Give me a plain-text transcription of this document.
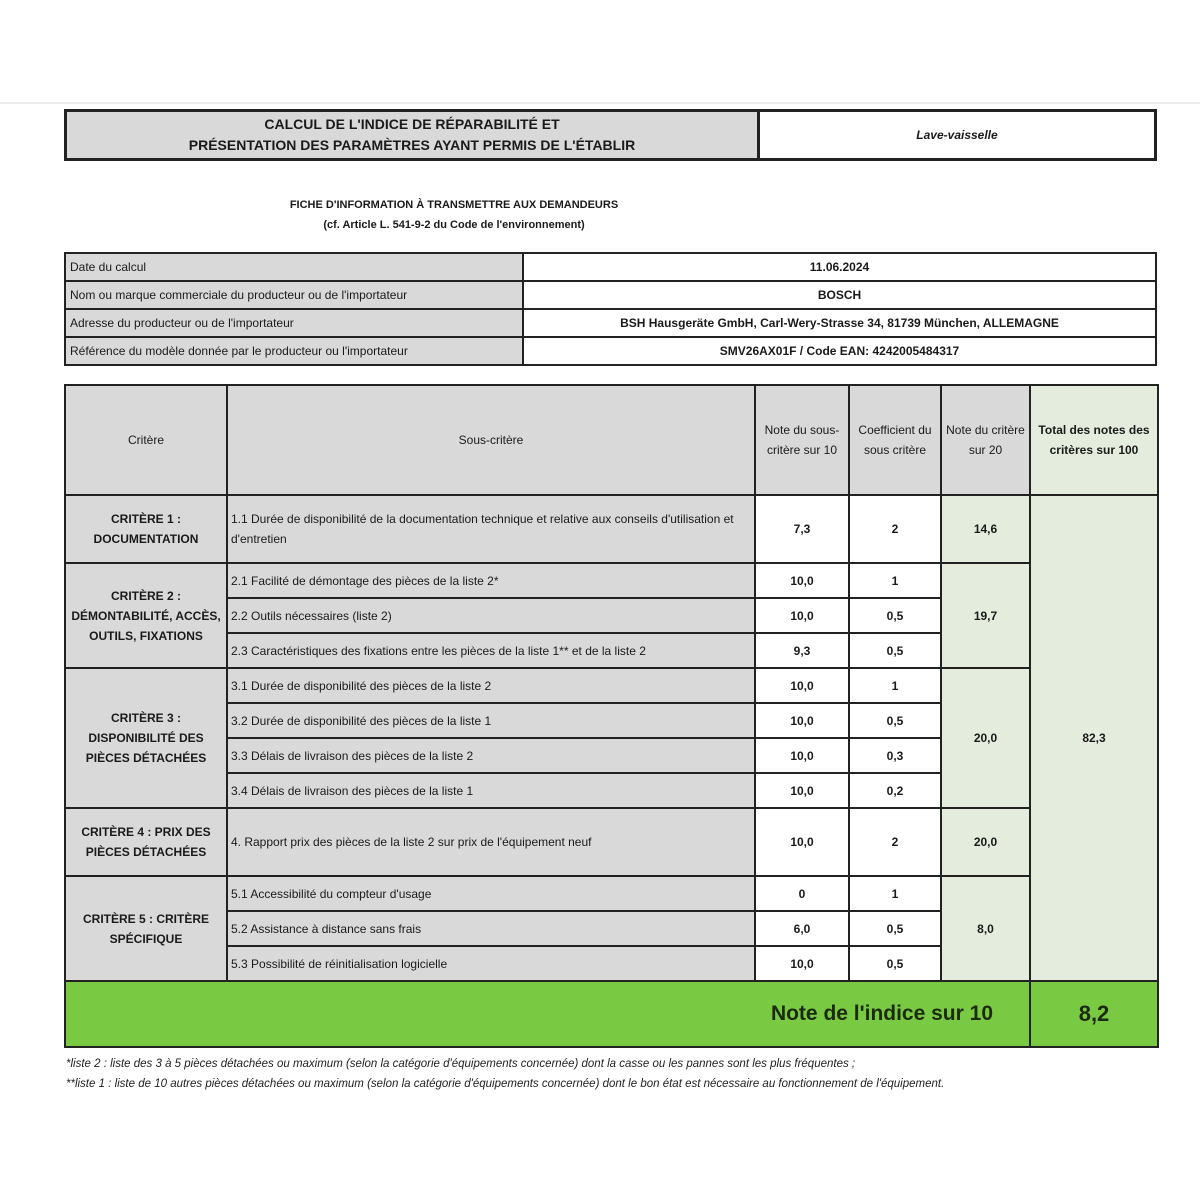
CALCUL DE L'INDICE DE RÉPARABILITÉ ET
PRÉSENTATION DES PARAMÈTRES AYANT PERMIS DE L'ÉTABLIR
Lave-vaisselle
FICHE D'INFORMATION À TRANSMETTRE AUX DEMANDEURS
(cf. Article L. 541-9-2 du Code de l'environnement)
Date du calcul	11.06.2024
Nom ou marque commerciale du producteur ou de l'importateur	BOSCH
Adresse du producteur ou de l'importateur	BSH Hausgeräte GmbH, Carl-Wery-Strasse 34, 81739 München, ALLEMAGNE
Référence du modèle donnée par le producteur ou l'importateur	SMV26AX01F / Code EAN: 4242005484317
Critère	Sous-critère	Note du sous-critère sur 10	Coefficient du sous critère	Note du critère sur 20	Total des notes des critères sur 100
CRITÈRE 1 : DOCUMENTATION	1.1 Durée de disponibilité de la documentation technique et relative aux conseils d'utilisation et d'entretien	7,3	2	14,6	82,3
CRITÈRE 2 : DÉMONTABILITÉ, ACCÈS, OUTILS, FIXATIONS	2.1 Facilité de démontage des pièces de la liste 2*	10,0	1	19,7	
	2.2 Outils nécessaires (liste 2)	10,0	0,5		
	2.3 Caractéristiques des fixations entre les pièces de la liste 1** et de la liste 2	9,3	0,5		
CRITÈRE 3 : DISPONIBILITÉ DES PIÈCES DÉTACHÉES	3.1 Durée de disponibilité des pièces de la liste 2	10,0	1	20,0	
	3.2 Durée de disponibilité des pièces de la liste 1	10,0	0,5		
	3.3 Délais de livraison des pièces de la liste 2	10,0	0,3		
	3.4 Délais de livraison des pièces de la liste 1	10,0	0,2		
CRITÈRE 4 : PRIX DES PIÈCES DÉTACHÉES	4. Rapport prix des pièces de la liste 2 sur prix de l'équipement neuf	10,0	2	20,0	
CRITÈRE 5 : CRITÈRE SPÉCIFIQUE	5.1 Accessibilité du compteur d'usage	0	1	8,0	
	5.2 Assistance à distance sans frais	6,0	0,5		
	5.3 Possibilité de réinitialisation logicielle	10,0	0,5		
Note de l'indice sur 10					8,2
*liste 2 : liste des 3 à 5 pièces détachées ou maximum (selon la catégorie d'équipements concernée) dont la casse ou les pannes sont les plus fréquentes ;
**liste 1 : liste de 10 autres pièces détachées ou maximum (selon la catégorie d'équipements concernée) dont le bon état est nécessaire au fonctionnement de l'équipement.
